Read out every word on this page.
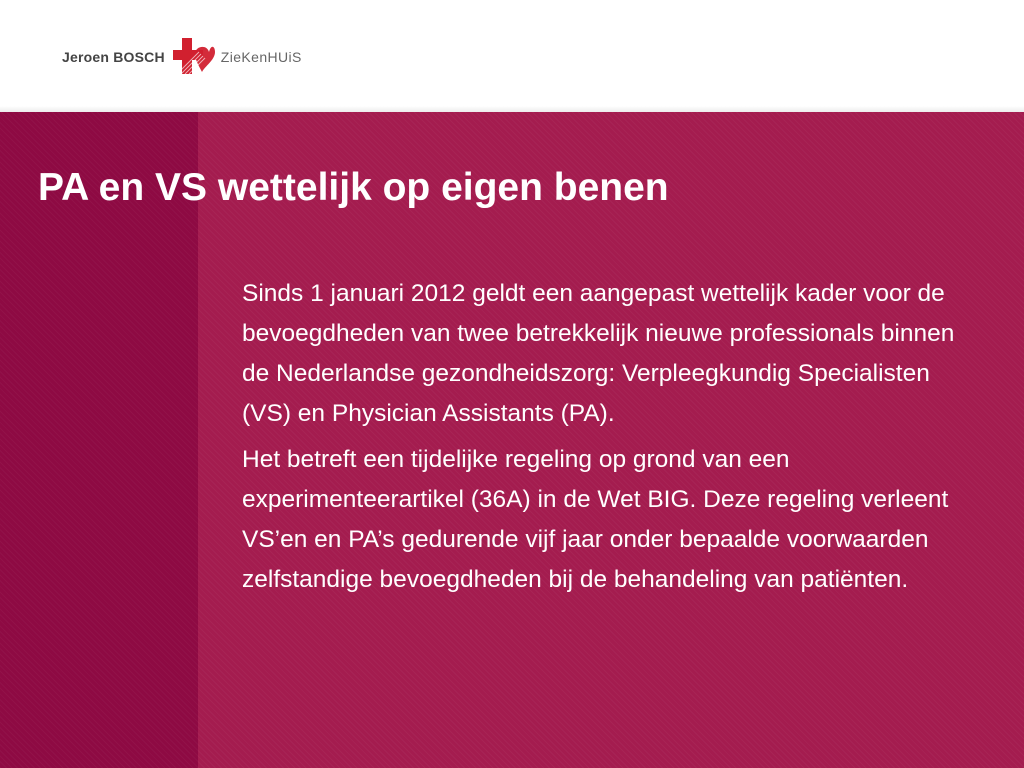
Jeroen BOSCH	ZieKenHUiS
PA en VS wettelijk op eigen benen

Sinds 1 januari 2012 geldt een aangepast wettelijk kader voor de bevoegdheden van twee betrekkelijk nieuwe professionals binnen de Nederlandse gezondheidszorg: Verpleegkundig Specialisten (VS) en Physician Assistants (PA).

Het betreft een tijdelijke regeling op grond van een experimenteerartikel (36A) in de Wet BIG. Deze regeling verleent VS’en en PA’s gedurende vijf jaar onder bepaalde voorwaarden zelfstandige bevoegdheden bij de behandeling van patiënten.
